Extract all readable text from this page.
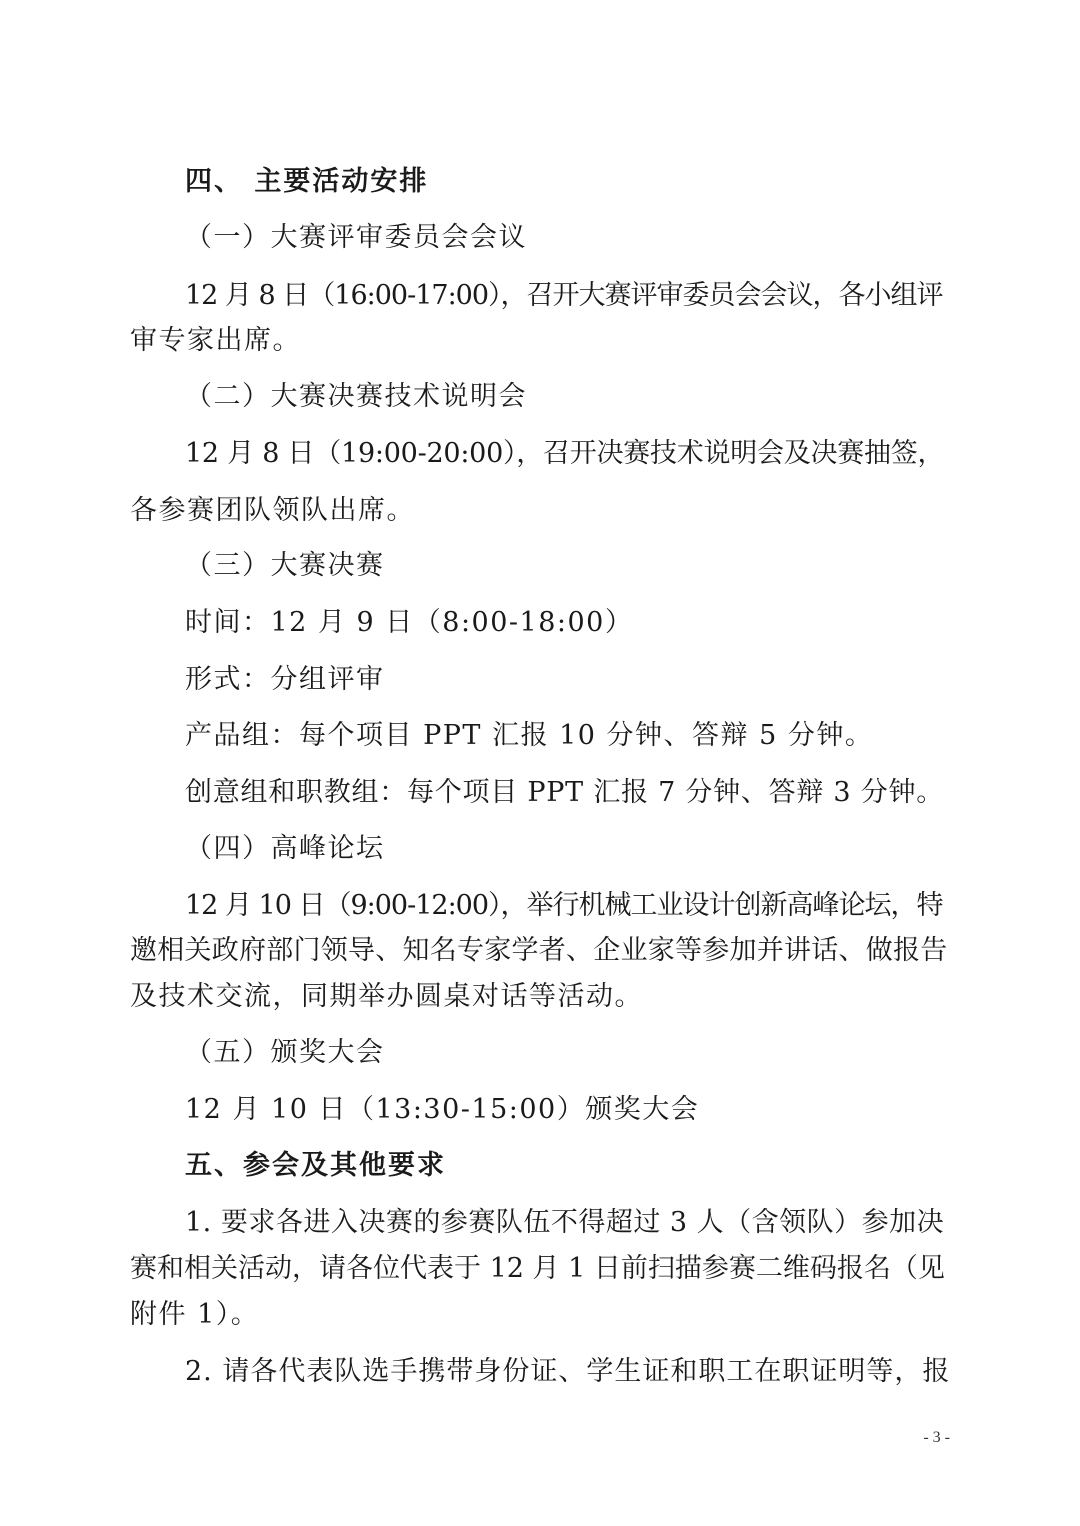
四、 主要活动安排
（一）大赛评审委员会会议
12 月 8 日（16:00-17:00），召开大赛评审委员会会议，各小组评
审专家出席。
（二）大赛决赛技术说明会
12 月 8 日（19:00-20:00），召开决赛技术说明会及决赛抽签，
各参赛团队领队出席。
（三）大赛决赛
时间：12 月 9 日（8:00-18:00）
形式：分组评审
产品组：每个项目 PPT 汇报 10 分钟、答辩 5 分钟。
创意组和职教组：每个项目 PPT 汇报 7 分钟、答辩 3 分钟。
（四）高峰论坛
12 月 10 日（9:00-12:00），举行机械工业设计创新高峰论坛，特
邀相关政府部门领导、知名专家学者、企业家等参加并讲话、做报告
及技术交流，同期举办圆桌对话等活动。
（五）颁奖大会
12 月 10 日（13:30-15:00）颁奖大会
五、参会及其他要求
1. 要求各进入决赛的参赛队伍不得超过 3 人（含领队）参加决
赛和相关活动，请各位代表于 12 月 1 日前扫描参赛二维码报名（见
附件 1）。
2. 请各代表队选手携带身份证、学生证和职工在职证明等，报
- 3 -
